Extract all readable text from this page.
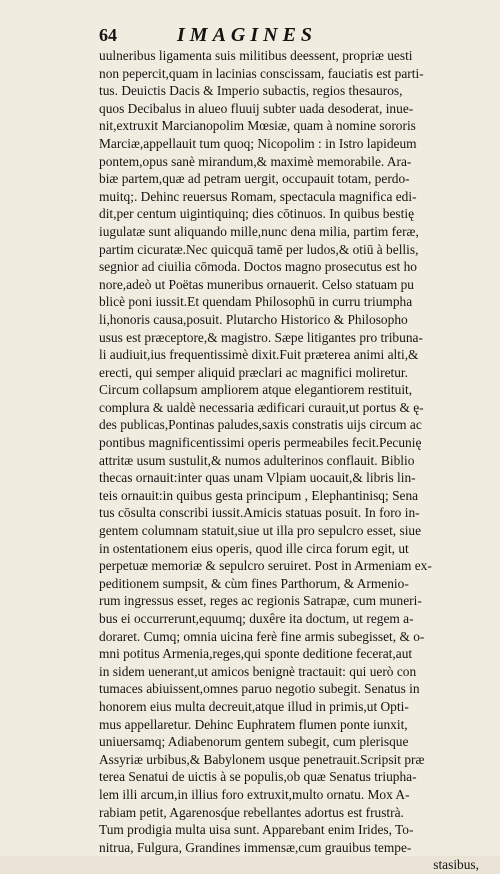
64	IMAGINES
uulneribus ligamenta suis militibus deessent, propriæ uesti
non pepercit,quam in lacinias conscissam, fauciatis est parti-
tus. Deuictis Dacis & Imperio subactis, regios thesauros,
quos Decibalus in alueo fluuij subter uada desoderat, inue-
nit,extruxit Marcianopolim Mœsiæ, quam à nomine sororis
Marciæ,appellauit tum quoq; Nicopolim : in Istro lapideum
pontem,opus sanè mirandum,& maximè memorabile. Ara-
biæ partem,quæ ad petram uergit, occupauit totam, perdo-
muitq;. Dehinc reuersus Romam, spectacula magnifica edi-
dit,per centum uigintiquinq; dies cōtinuos. In quibus bestię
iugulatæ sunt aliquando mille,nunc dena milia, partim feræ,
partim cicuratæ.Nec quicquā tamē per ludos,& otiū à bellis,
segnior ad ciuilia cōmoda. Doctos magno prosecutus est ho
nore,adeò ut Poëtas muneribus ornauerit. Celso statuam pu
blicè poni iussit.Et quendam Philosophū in curru triumpha
li,honoris causa,posuit. Plutarcho Historico & Philosopho
usus est præceptore,& magistro. Sæpe litigantes pro tribuna-
li audiuit,ius frequentissimè dixit.Fuit præterea animi alti,&
erecti, qui semper aliquid præclari ac magnifici moliretur.
Circum collapsum ampliorem atque elegantiorem restituit,
complura & ualdè necessaria ædificari curauit,ut portus & ę-
des publicas,Pontinas paludes,saxis constratis uijs circum ac
pontibus magnificentissimi operis permeabiles fecit.Pecunię
attritæ usum sustulit,& numos adulterinos conflauit. Biblio
thecas ornauit:inter quas unam Vlpiam uocauit,& libris lin-
teis ornauit:in quibus gesta principum , Elephantinisq; Sena
tus cōsulta conscribi iussit.Amicis statuas posuit. In foro in-
gentem columnam statuit,siue ut illa pro sepulcro esset, siue
in ostentationem eius operis, quod ille circa forum egit, ut
perpetuæ memoriæ & sepulcro seruiret. Post in Armeniam ex-
peditionem sumpsit, & cùm fines Parthorum, & Armenio-
rum ingressus esset, reges ac regionis Satrapæ, cum muneri-
bus ei occurrerunt,equumq; duxêre ita doctum, ut regem a-
doraret. Cumq; omnia uicina ferè fine armis subegisset, & o-
mni potitus Armenia,reges,qui sponte deditione fecerat,aut
in sidem uenerant,ut amicos benignè tractauit: qui uerò con
tumaces abiuissent,omnes paruo negotio subegit. Senatus in
honorem eius multa decreuit,atque illud in primis,ut Opti-
mus appellaretur. Dehinc Euphratem flumen ponte iunxit,
uniuersamq; Adiabenorum gentem subegit, cum plerisque
Assyriæ urbibus,& Babylonem usque penetrauit.Scripsit præ
terea Senatui de uictis à se populis,ob quæ Senatus triupha-
lem illi arcum,in illius foro extruxit,multo ornatu. Mox A-
rabiam petit, Agarenosq́ue rebellantes adortus est frustrà.
Tum prodigia multa uisa sunt. Apparebant enim Irides, To-
nitrua, Fulgura, Grandines immensæ,cum grauibus tempe-
stasibus,
